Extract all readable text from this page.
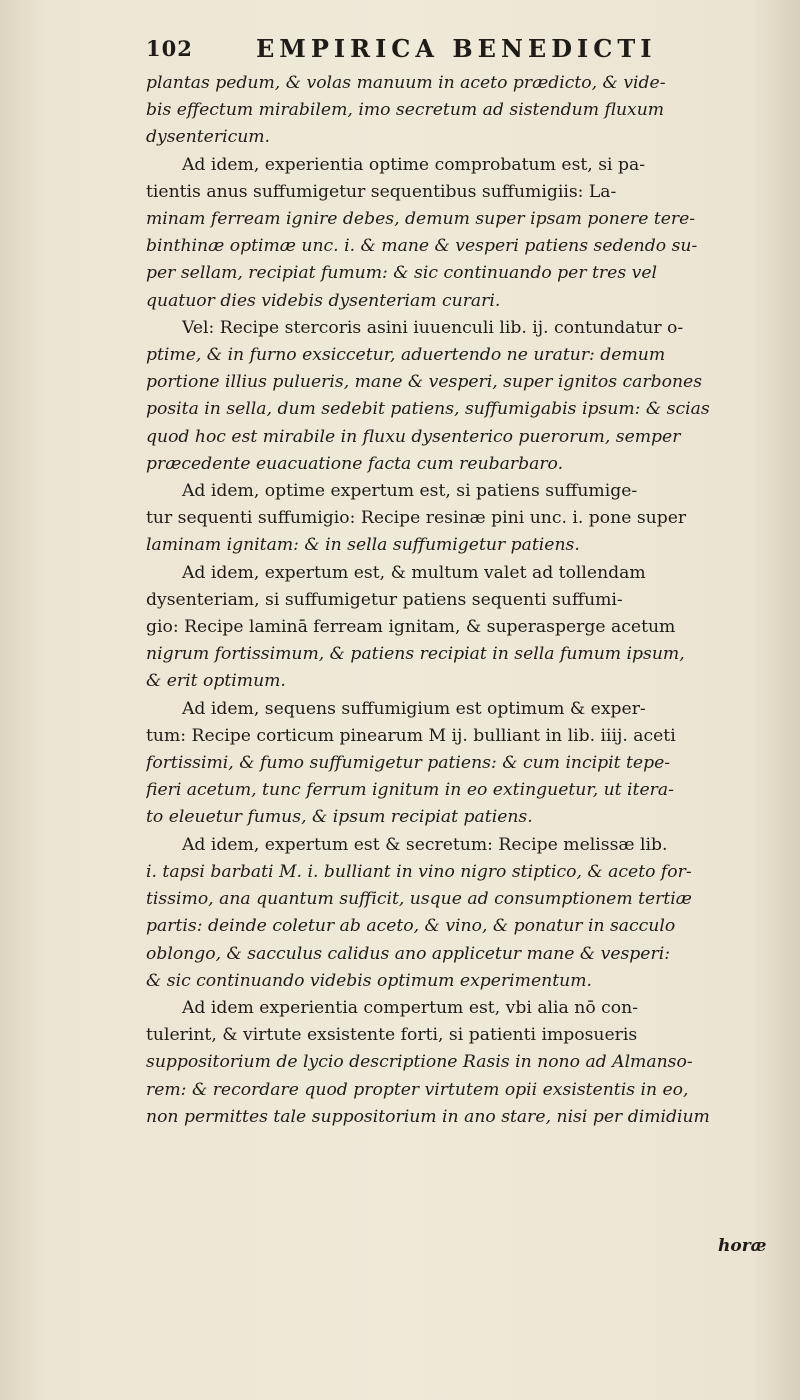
102	EMPIRICA BENEDICTI
plantas pedum, & volas manuum in aceto prædicto, & vide-
bis effectum mirabilem, imo secretum ad sistendum fluxum
dysentericum.
Ad idem, experientia optime comprobatum est, si pa-
tientis anus suffumigetur sequentibus suffumigiis: La-
minam ferream ignire debes, demum super ipsam ponere tere-
binthinæ optimæ unc. i. & mane & vesperi patiens sedendo su-
per sellam, recipiat fumum: & sic continuando per tres vel
quatuor dies videbis dysenteriam curari.
Vel: Recipe stercoris asini iuuenculi lib. ij. contundatur o-
ptime, & in furno exsiccetur, aduertendo ne uratur: demum
portione illius pulueris, mane & vesperi, super ignitos carbones
posita in sella, dum sedebit patiens, suffumigabis ipsum: & scias
quod hoc est mirabile in fluxu dysenterico puerorum, semper
præcedente euacuatione facta cum reubarbaro.
Ad idem, optime expertum est, si patiens suffumige-
tur sequenti suffumigio: Recipe resinæ pini unc. i. pone super
laminam ignitam: & in sella suffumigetur patiens.
Ad idem, expertum est, & multum valet ad tollendam
dysenteriam, si suffumigetur patiens sequenti suffumi-
gio: Recipe laminā ferream ignitam, & superasperge acetum
nigrum fortissimum, & patiens recipiat in sella fumum ipsum,
& erit optimum.
Ad idem, sequens suffumigium est optimum & exper-
tum: Recipe corticum pinearum M ij. bulliant in lib. iiij. aceti
fortissimi, & fumo suffumigetur patiens: & cum incipit tepe-
fieri acetum, tunc ferrum ignitum in eo extinguetur, ut itera-
to eleuetur fumus, & ipsum recipiat patiens.
Ad idem, expertum est & secretum: Recipe melissæ lib.
i. tapsi barbati M. i. bulliant in vino nigro stiptico, & aceto for-
tissimo, ana quantum sufficit, usque ad consumptionem tertiæ
partis: deinde coletur ab aceto, & vino, & ponatur in sacculo
oblongo, & sacculus calidus ano applicetur mane & vesperi:
& sic continuando videbis optimum experimentum.
Ad idem experientia compertum est, vbi alia nō con-
tulerint, & virtute exsistente forti, si patienti imposueris
suppositorium de lycio descriptione Rasis in nono ad Almanso-
rem: & recordare quod propter virtutem opii exsistentis in eo,
non permittes tale suppositorium in ano stare, nisi per dimidium
horæ
